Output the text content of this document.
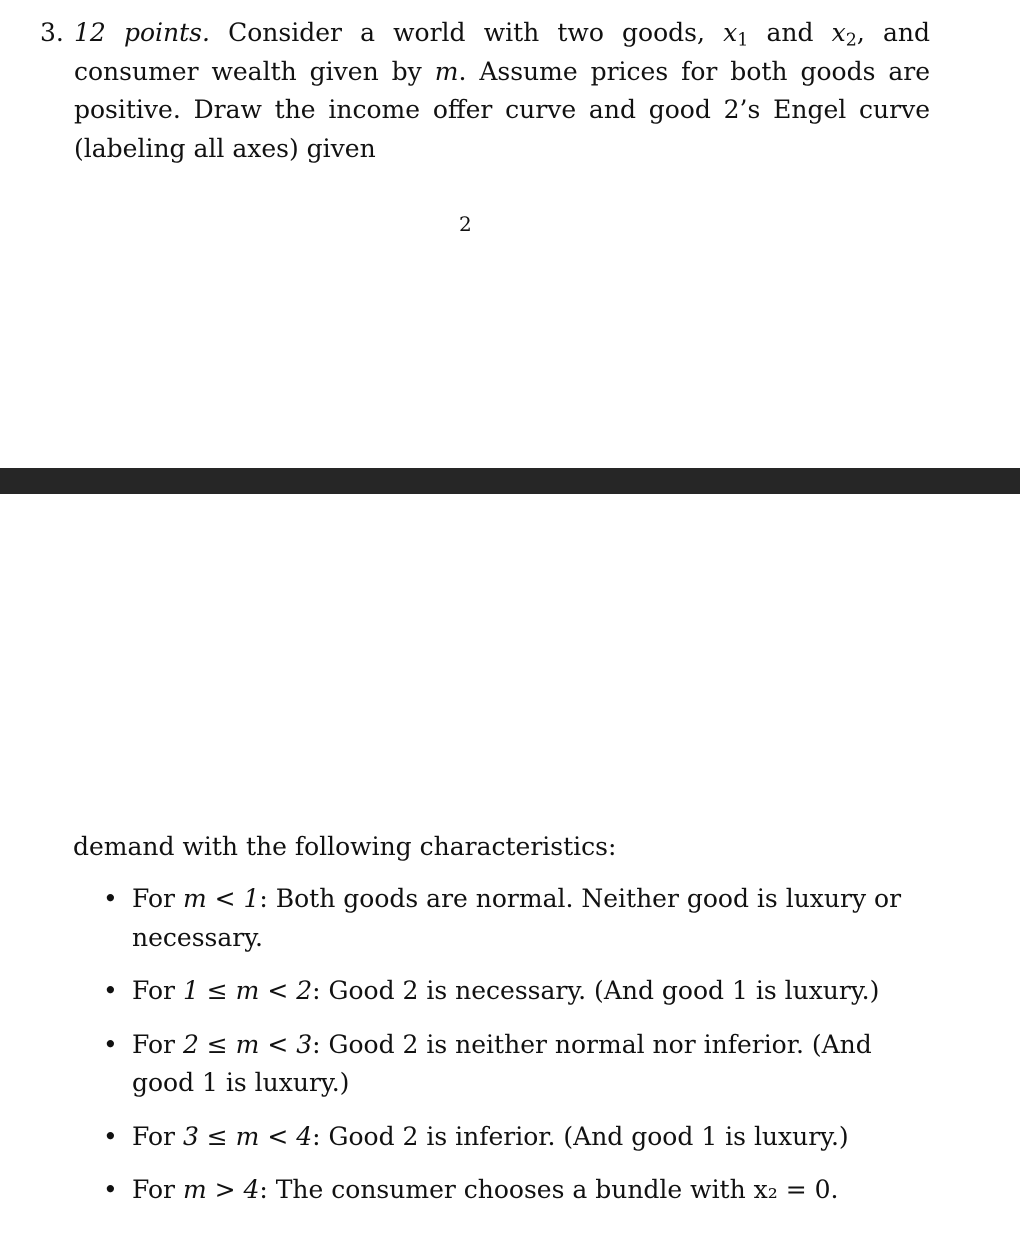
3. 12 points. Consider a world with two goods, $x_1$ and $x_2$, and consumer wealth given by m. Assume prices for both goods are positive. Draw the income offer curve and good 2’s Engel curve (labeling all axes) given

2

demand with the following characteristics:

• For m < 1: Both goods are normal. Neither good is luxury or necessary.
• For 1 ≤ m < 2: Good 2 is necessary. (And good 1 is luxury.)
• For 2 ≤ m < 3: Good 2 is neither normal nor inferior. (And good 1 is luxury.)
• For 3 ≤ m < 4: Good 2 is inferior. (And good 1 is luxury.)
• For m > 4: The consumer chooses a bundle with x₂ = 0.
